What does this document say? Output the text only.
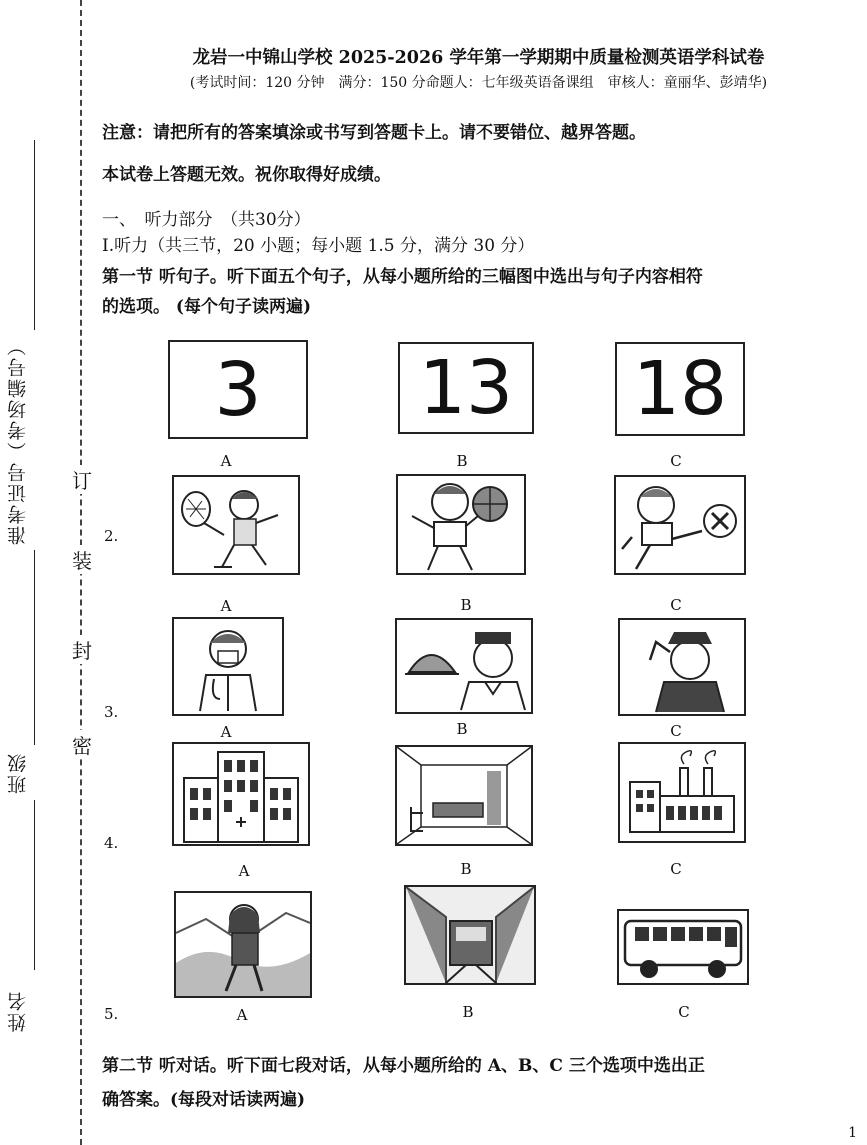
准考证号（考场编号）
班级
姓名
订
装
封
密
龙岩一中锦山学校 2025-2026 学年第一学期期中质量检测英语学科试卷
(考试时间：120 分钟　满分：150 分命题人：七年级英语备课组　审核人：童丽华、彭靖华)
注意：请把所有的答案填涂或书写到答题卡上。请不要错位、越界答题。
本试卷上答题无效。祝你取得好成绩。
一、　听力部分　（共30分）
I.听力（共三节，20 小题；每小题 1.5 分，满分 30 分）
第一节 听句子。听下面五个句子，从每小题所给的三幅图中选出与句子内容相符
的选项。 (每个句子读两遍)
3	13 18
A	B	C
2.
A	B	C
3.
A	B	C
4.
A	B	C
5.	A	B	C
第二节 听对话。听下面七段对话，从每小题所给的 A、B、C 三个选项中选出正
确答案。(每段对话读两遍)
1
